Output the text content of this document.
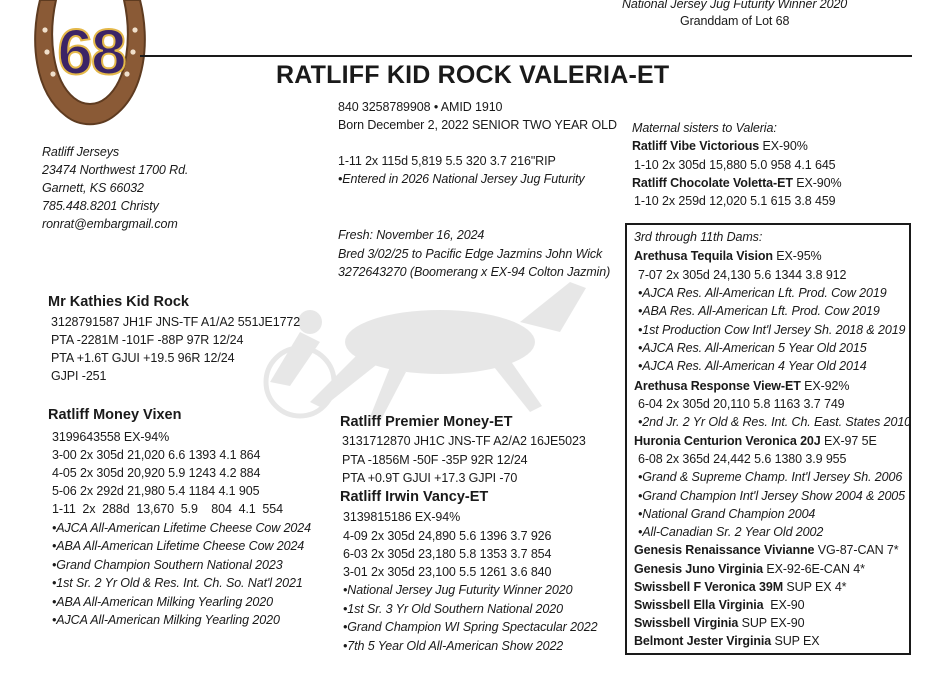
68
National Jersey Jug Futurity Winner 2020
Granddam of Lot 68
RATLIFF KID ROCK VALERIA-ET
840 3258789908 • AMID 1910
Born December 2, 2022 SENIOR TWO YEAR OLD
1-11 2x 115d 5,819 5.5 320 3.7 216"RIP
•Entered in 2026 National Jersey Jug Futurity
Ratliff Jerseys
23474 Northwest 1700 Rd.
Garnett, KS 66032
785.448.8201 Christy
ronrat@embargmail.com
Fresh: November 16, 2024
Bred 3/02/25 to Pacific Edge Jazmins John Wick
3272643270 (Boomerang x EX-94 Colton Jazmin)
Maternal sisters to Valeria:
Ratliff Vibe Victorious EX-90%
1-10 2x 305d 15,880 5.0 958 4.1 645
Ratliff Chocolate Voletta-ET EX-90%
1-10 2x 259d 12,020 5.1 615 3.8 459
Mr Kathies Kid Rock
3128791587 JH1F JNS-TF A1/A2 551JE1772
PTA -2281M -101F -88P 97R 12/24
PTA +1.6T GJUI +19.5 96R 12/24
GJPI -251
Ratliff Money Vixen
3199643558 EX-94%
3-00 2x 305d 21,020 6.6 1393 4.1 864
4-05 2x 305d 20,920 5.9 1243 4.2 884
5-06 2x 292d 21,980 5.4 1184 4.1 905
1-11  2x  288d  13,670  5.9    804  4.1  554
•AJCA All-American Lifetime Cheese Cow 2024
•ABA All-American Lifetime Cheese Cow 2024
•Grand Champion Southern National 2023
•1st Sr. 2 Yr Old & Res. Int. Ch. So. Nat'l 2021
•ABA All-American Milking Yearling 2020
•AJCA All-American Milking Yearling 2020
Ratliff Premier Money-ET
3131712870 JH1C JNS-TF A2/A2 16JE5023
PTA -1856M -50F -35P 92R 12/24
PTA +0.9T GJUI +17.3 GJPI -70
Ratliff Irwin Vancy-ET
3139815186 EX-94%
4-09 2x 305d 24,890 5.6 1396 3.7 926
6-03 2x 305d 23,180 5.8 1353 3.7 854
3-01 2x 305d 23,100 5.5 1261 3.6 840
•National Jersey Jug Futurity Winner 2020
•1st Sr. 3 Yr Old Southern National 2020
•Grand Champion WI Spring Spectacular 2022
•7th 5 Year Old All-American Show 2022
3rd through 11th Dams:
Arethusa Tequila Vision EX-95%
7-07 2x 305d 24,130 5.6 1344 3.8 912
•AJCA Res. All-American Lft. Prod. Cow 2019
•ABA Res. All-American Lft. Prod. Cow 2019
•1st Production Cow Int'l Jersey Sh. 2018 & 2019
•AJCA Res. All-American 5 Year Old 2015
•AJCA Res. All-American 4 Year Old 2014
Arethusa Response View-ET EX-92%
6-04 2x 305d 20,110 5.8 1163 3.7 749
•2nd Jr. 2 Yr Old & Res. Int. Ch. East. States 2010
Huronia Centurion Veronica 20J EX-97 5E
6-08 2x 365d 24,442 5.6 1380 3.9 955
•Grand & Supreme Champ. Int'l Jersey Sh. 2006
•Grand Champion Int'l Jersey Show 2004 & 2005
•National Grand Champion 2004
•All-Canadian Sr. 2 Year Old 2002
Genesis Renaissance Vivianne VG-87-CAN 7*
Genesis Juno Virginia EX-92-6E-CAN 4*
Swissbell F Veronica 39M SUP EX 4*
Swissbell Ella Virginia  EX-90
Swissbell Virginia SUP EX-90
Belmont Jester Virginia SUP EX
